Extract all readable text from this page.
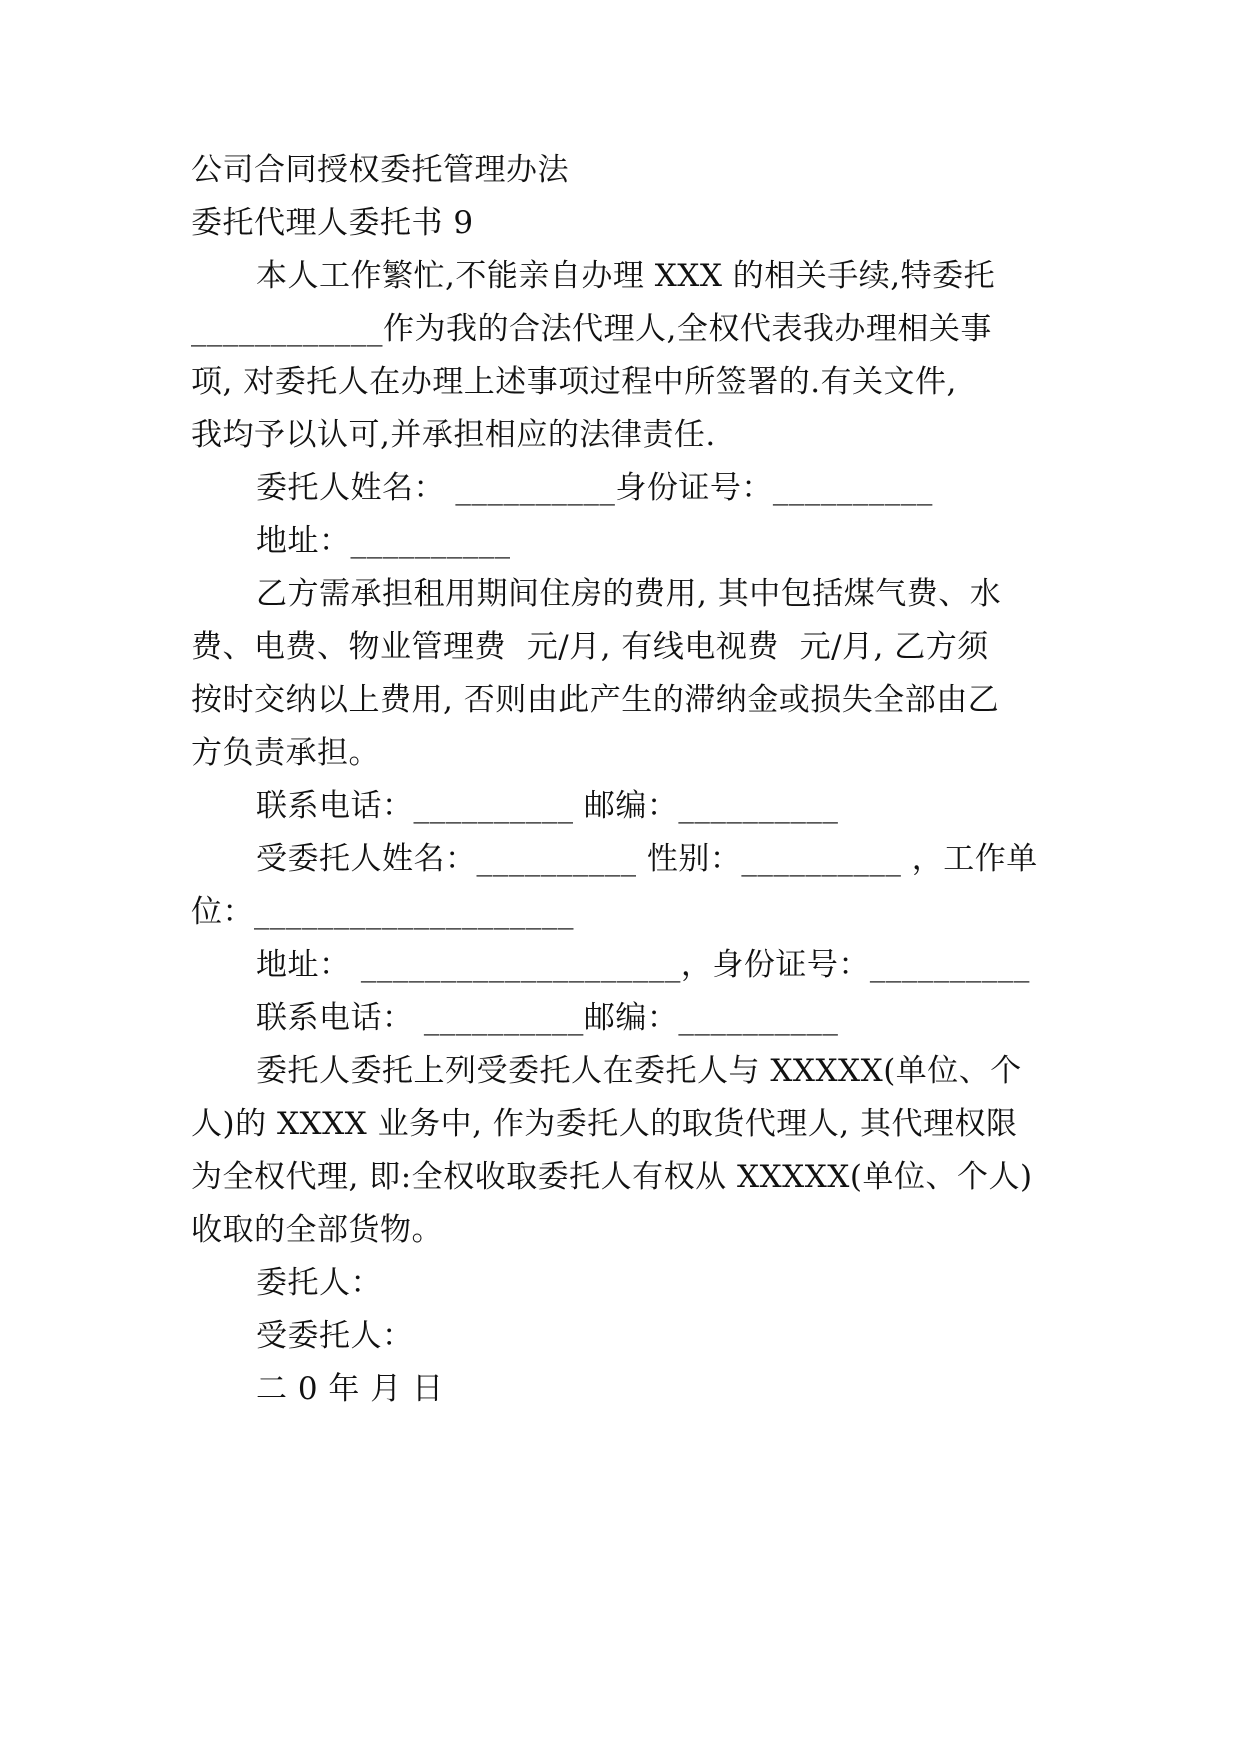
公司合同授权委托管理办法
委托代理人委托书 9
本人工作繁忙,不能亲自办理 XXX 的相关手续,特委托
____________作为我的合法代理人,全权代表我办理相关事
项, 对委托人在办理上述事项过程中所签署的.有关文件,
我均予以认可,并承担相应的法律责任.
委托人姓名： __________身份证号：__________
地址：__________
乙方需承担租用期间住房的费用, 其中包括煤气费、水
费、电费、物业管理费  元/月, 有线电视费  元/月, 乙方须
按时交纳以上费用, 否则由此产生的滞纳金或损失全部由乙
方负责承担。
联系电话：__________ 邮编：__________
受委托人姓名：__________ 性别：__________ ，工作单
位：____________________
地址： ____________________，身份证号：__________
联系电话： __________邮编：__________
委托人委托上列受委托人在委托人与 XXXXX(单位、个
人)的 XXXX 业务中, 作为委托人的取货代理人, 其代理权限
为全权代理, 即:全权收取委托人有权从 XXXXX(单位、个人)
收取的全部货物。
委托人：
受委托人：
二 0 年 月 日
